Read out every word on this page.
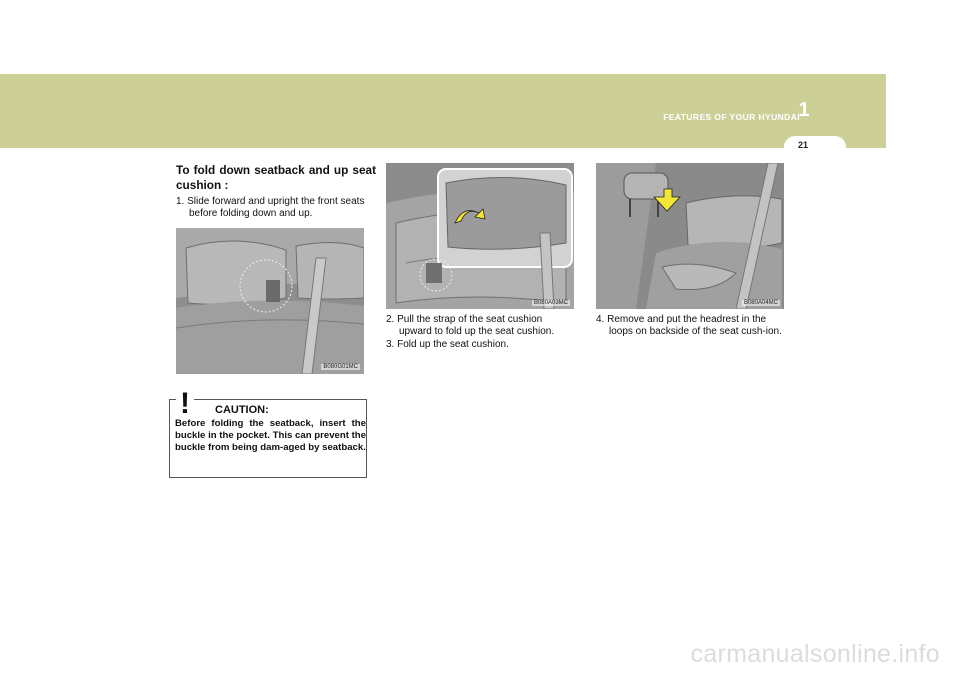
FEATURES OF YOUR HYUNDAI
1
21
To fold down seatback and up seat cushion :
1. Slide forward and upright the front seats before folding down and up.
B080G01MC
!	CAUTION:
Before folding the seatback, insert the buckle in the pocket. This can prevent the buckle from being dam-aged by seatback.
B080A03MC
2. Pull the strap of the seat cushion upward to fold up the seat cushion.
3. Fold up the seat cushion.
B080A04MC
4. Remove and put the headrest in the loops on backside of the seat cush-ion.
carmanualsonline.info
